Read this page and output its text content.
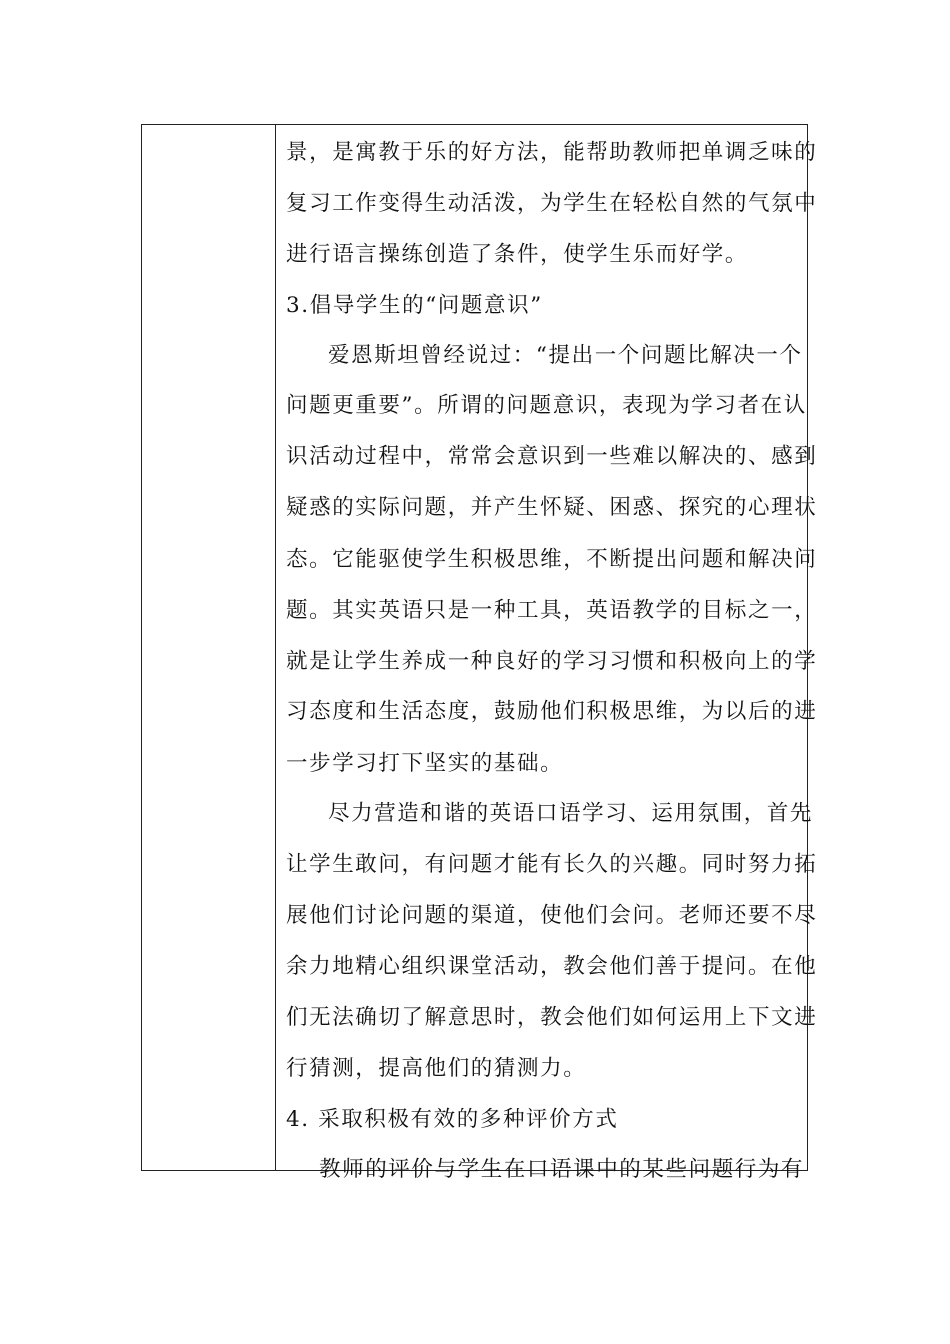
景，是寓教于乐的好方法，能帮助教师把单调乏味的
复习工作变得生动活泼，为学生在轻松自然的气氛中
进行语言操练创造了条件，使学生乐而好学。
3.倡导学生的“问题意识”
爱恩斯坦曾经说过：“提出一个问题比解决一个
问题更重要”。所谓的问题意识，表现为学习者在认
识活动过程中，常常会意识到一些难以解决的、感到
疑惑的实际问题，并产生怀疑、困惑、探究的心理状
态。它能驱使学生积极思维，不断提出问题和解决问
题。其实英语只是一种工具，英语教学的目标之一，
就是让学生养成一种良好的学习习惯和积极向上的学
习态度和生活态度，鼓励他们积极思维，为以后的进
一步学习打下坚实的基础。
尽力营造和谐的英语口语学习、运用氛围，首先
让学生敢问，有问题才能有长久的兴趣。同时努力拓
展他们讨论问题的渠道，使他们会问。老师还要不尽
余力地精心组织课堂活动，教会他们善于提问。在他
们无法确切了解意思时，教会他们如何运用上下文进
行猜测，提高他们的猜测力。
4. 采取积极有效的多种评价方式
教师的评价与学生在口语课中的某些问题行为有
